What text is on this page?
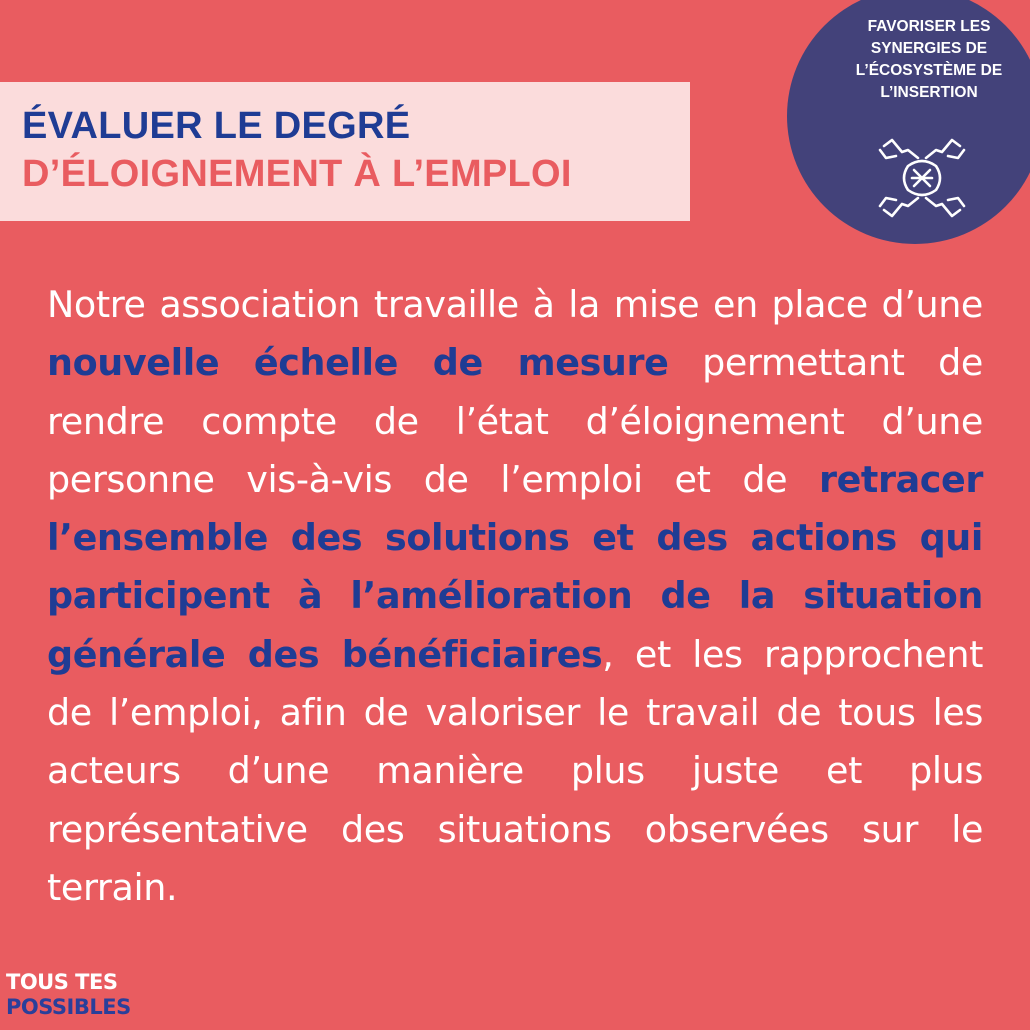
ÉVALUER LE DEGRÉ
D’ÉLOIGNEMENT À L’EMPLOI
FAVORISER LES
SYNERGIES DE
L’ÉCOSYSTÈME DE
L’INSERTION
Notre association travaille à la mise en place d’une nouvelle échelle de mesure permettant de rendre compte de l’état d’éloignement d’une personne vis-à-vis de l’emploi et de retracer l’ensemble des solutions et des actions qui participent à l’amélioration de la situation générale des bénéficiaires, et les rapprochent de l’emploi, afin de valoriser le travail de tous les acteurs d’une manière plus juste et plus représentative des situations observées sur le terrain.
TOUS TES
POSSIBLES
